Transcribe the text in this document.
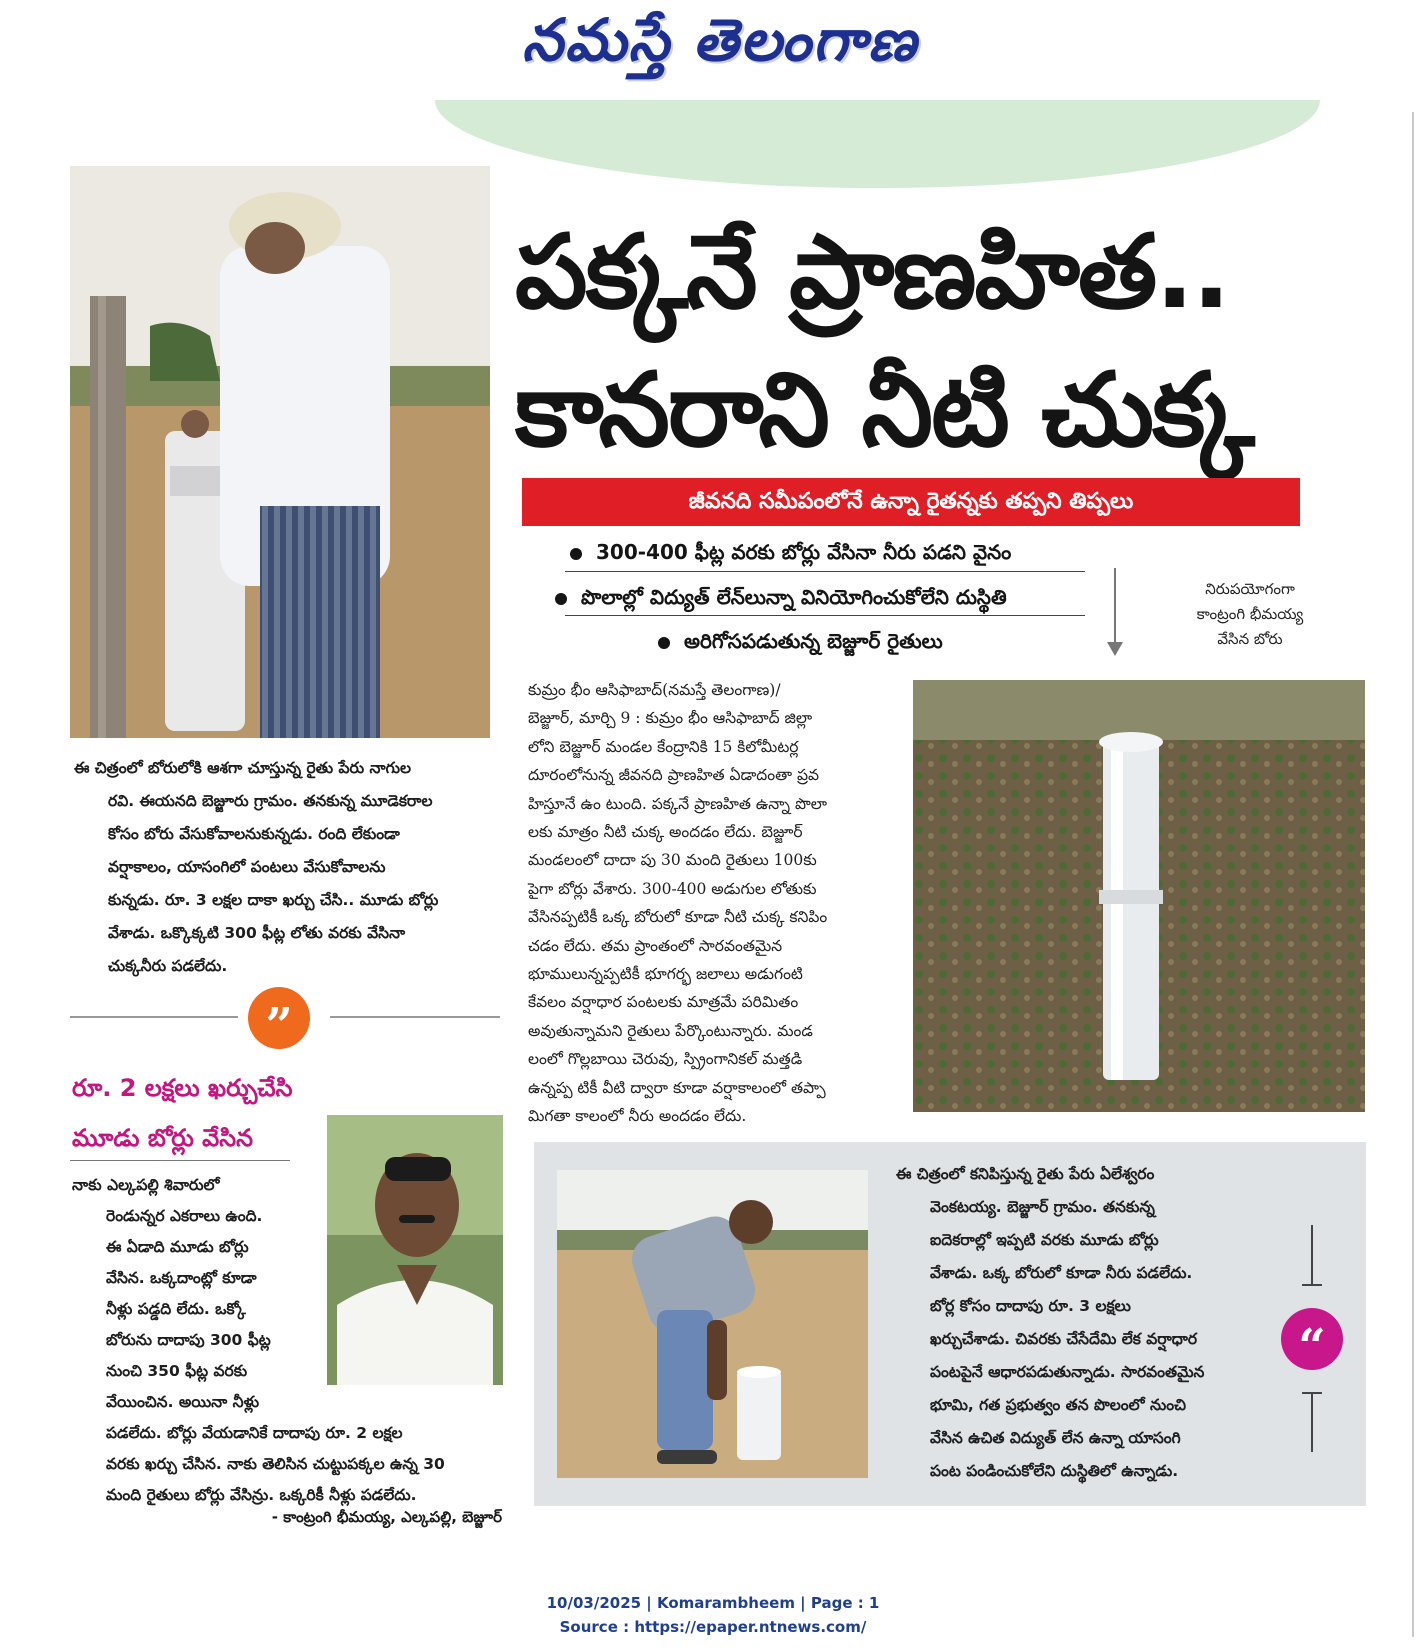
నమస్తే తెలంగాణ
పక్కనే ప్రాణహిత..
కానరాని నీటి చుక్క
జీవనది సమీపంలోనే ఉన్నా రైతన్నకు తప్పని తిప్పలు
300-400 ఫీట్ల వరకు బోర్లు వేసినా నీరు పడని వైనం
పొలాల్లో విద్యుత్‌ లేన్‌లున్నా వినియోగించుకోలేని దుస్థితి
అరిగోసపడుతున్న బెజ్జూర్‌ రైతులు
నిరుపయోగంగా
కాంట్రంగి భీమయ్య
వేసిన బోరు
కుమ్రం భీం ఆసిఫాబాద్‌(నమస్తే తెలంగాణ)/
బెజ్జూర్‌, మార్చి 9 : కుమ్రం భీం ఆసిఫాబాద్‌ జిల్లా
లోని బెజ్జూర్‌ మండల కేంద్రానికి 15 కిలోమీటర్ల
దూరంలోనున్న జీవనది ప్రాణహిత ఏడాదంతా ప్రవ
హిస్తూనే ఉం టుంది. పక్కనే ప్రాణహిత ఉన్నా పొలా
లకు మాత్రం నీటి చుక్క అందడం లేదు. బెజ్జూర్‌
మండలంలో దాదా పు 30 మంది రైతులు 100కు
పైగా బోర్లు వేశారు. 300-400 అడుగుల లోతుకు
వేసినప్పటికీ ఒక్క బోరులో కూడా నీటి చుక్క కనిపిం
చడం లేదు. తమ ప్రాంతంలో సారవంతమైన
భూములున్నప్పటికీ భూగర్భ జలాలు అడుగంటి
కేవలం వర్షాధార పంటలకు మాత్రమే పరిమితం
అవుతున్నామని రైతులు పేర్కొంటున్నారు. మండ
లంలో గొల్లబాయి చెరువు, స్ప్రింగానికల్‌ మత్తడి
ఉన్నప్ప టికీ వీటి ద్వారా కూడా వర్షాకాలంలో తప్పా
మిగతా కాలంలో నీరు అందడం లేదు.
ఈ చిత్రంలో బోరులోకి ఆశగా చూస్తున్న రైతు పేరు నాగుల
రవి. ఈయనది బెజ్జూరు గ్రామం. తనకున్న మూడెకరాల
కోసం బోరు వేసుకోవాలనుకున్నడు. రంది లేకుండా
వర్షాకాలం, యాసంగిలో పంటలు వేసుకోవాలను
కున్నడు. రూ. 3 లక్షల దాకా ఖర్చు చేసి.. మూడు బోర్లు
వేశాడు. ఒక్కొక్కటి 300 ఫీట్ల లోతు వరకు వేసినా
చుక్కనీరు పడలేదు.
”
రూ. 2 లక్షలు ఖర్చుచేసి
మూడు బోర్లు వేసిన
నాకు ఎల్కపల్లి శివారులో
రెండున్నర ఎకరాలు ఉంది.
ఈ ఏడాది మూడు బోర్లు
వేసిన. ఒక్కదాంట్లో కూడా
నీళ్లు పడ్డది లేదు. ఒక్కో
బోరును దాదాపు 300 ఫీట్ల
నుంచి 350 ఫీట్ల వరకు
వేయించిన. అయినా నీళ్లు
పడలేదు. బోర్లు వేయడానికే దాదాపు రూ. 2 లక్షల
వరకు ఖర్చు చేసిన. నాకు తెలిసిన చుట్టుపక్కల ఉన్న 30
మంది రైతులు బోర్లు వేసిన్రు. ఒక్కరికీ నీళ్లు పడలేదు.
- కాంట్రంగి భీమయ్య, ఎల్కపల్లి, బెజ్జూర్‌
ఈ చిత్రంలో కనిపిస్తున్న రైతు పేరు ఏలేశ్వరం
వెంకటయ్య. బెజ్జూర్‌ గ్రామం. తనకున్న
ఐదెకరాల్లో ఇప్పటి వరకు మూడు బోర్లు
వేశాడు. ఒక్క బోరులో కూడా నీరు పడలేదు.
బోర్ల కోసం దాదాపు రూ. 3 లక్షలు
ఖర్చుచేశాడు. చివరకు చేసేదేమి లేక వర్షాధార
పంటపైనే ఆధారపడుతున్నాడు. సారవంతమైన
భూమి, గత ప్రభుత్వం తన పొలంలో నుంచి
వేసిన ఉచిత విద్యుత్‌ లేన ఉన్నా యాసంగి
పంట పండించుకోలేని దుస్థితిలో ఉన్నాడు.
“
10/03/2025 | Komarambheem | Page : 1
Source : https://epaper.ntnews.com/
